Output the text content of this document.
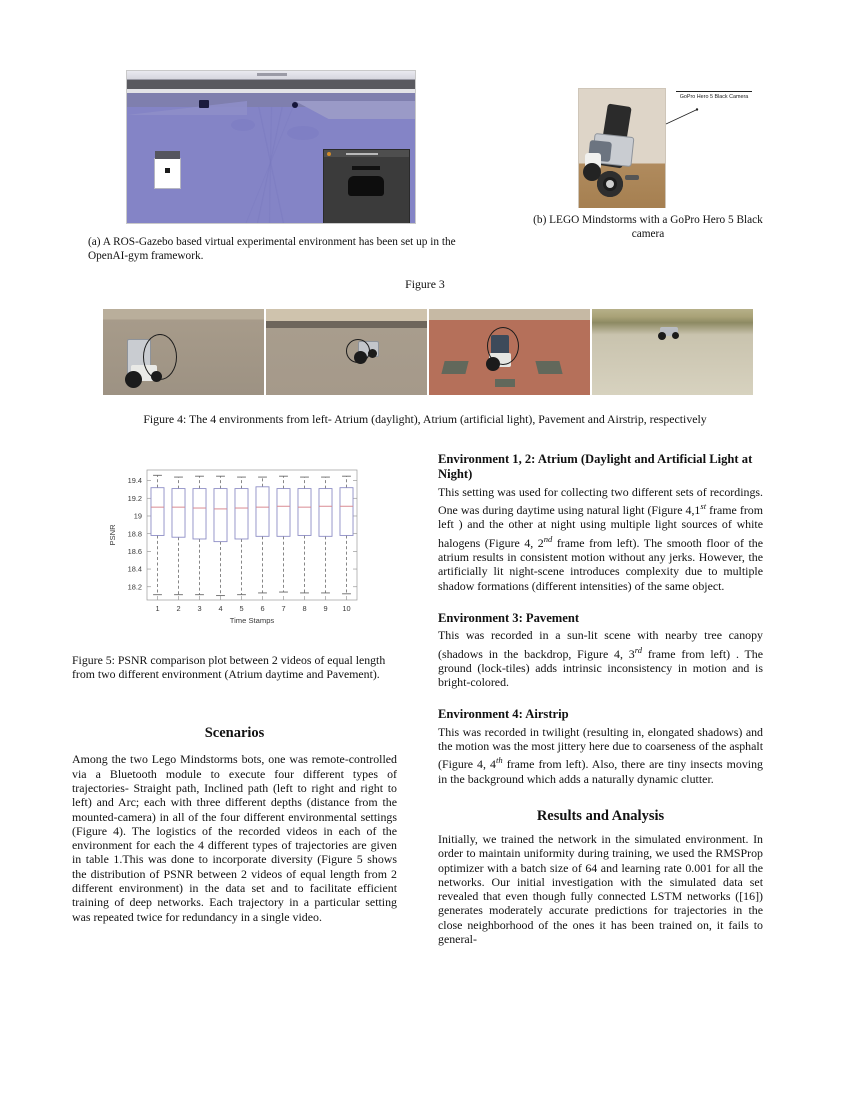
(a) A ROS-Gazebo based virtual experimental environment has been set up in the OpenAI-gym framework.
GoPro Hero 5 Black Camera
(b) LEGO Mindstorms with a GoPro Hero 5 Black camera
Figure 3
Figure 4: The 4 environments from left- Atrium (daylight), Atrium (artificial light), Pavement and Airstrip, respectively
18.2
18.4
18.6
18.8
19
19.2
19.4
1 2 3 4 5 6 7 8 9 10
Time Stamps
PSNR
Figure 5: PSNR comparison plot between 2 videos of equal length from two different environment (Atrium daytime and Pavement).
Scenarios

Among the two Lego Mindstorms bots, one was remote-controlled via a Bluetooth module to execute four different types of trajectories- Straight path, Inclined path (left to right and right to left) and Arc; each with three different depths (distance from the mounted-camera) in all of the four different environmental settings (Figure 4). The logistics of the recorded videos in each of the environment for each the 4 different types of trajectories are given in table 1.This was done to incorporate diversity (Figure 5 shows the distribution of PSNR between 2 videos of equal length from 2 different environment) in the data set and to facilitate efficient training of deep networks. Each trajectory in a particular setting was repeated twice for redundancy in a single video.

Environment 1, 2: Atrium (Daylight and Artificial Light at Night)

This setting was used for collecting two different sets of recordings. One was during daytime using natural light (Figure 4,1st frame from left ) and the other at night using multiple light sources of white halogens (Figure 4, 2nd frame from left). The smooth floor of the atrium results in consistent motion without any jerks. However, the artificially lit night-scene introduces complexity due to multiple shadow formations (different intensities) of the same object.

Environment 3: Pavement

This was recorded in a sun-lit scene with nearby tree canopy (shadows in the backdrop, Figure 4, 3rd frame from left) . The ground (lock-tiles) adds intrinsic inconsistency in motion and is bright-colored.

Environment 4: Airstrip

This was recorded in twilight (resulting in, elongated shadows) and the motion was the most jittery here due to coarseness of the asphalt (Figure 4, 4th frame from left). Also, there are tiny insects moving in the background which adds a naturally dynamic clutter.

Results and Analysis

Initially, we trained the network in the simulated environment. In order to maintain uniformity during training, we used the RMSProp optimizer with a batch size of 64 and learning rate 0.001 for all the networks. Our initial investigation with the simulated data set revealed that even though fully connected LSTM networks ([16]) generates moderately accurate predictions for trajectories in the close neighborhood of the ones it has been trained on, it fails to general-
